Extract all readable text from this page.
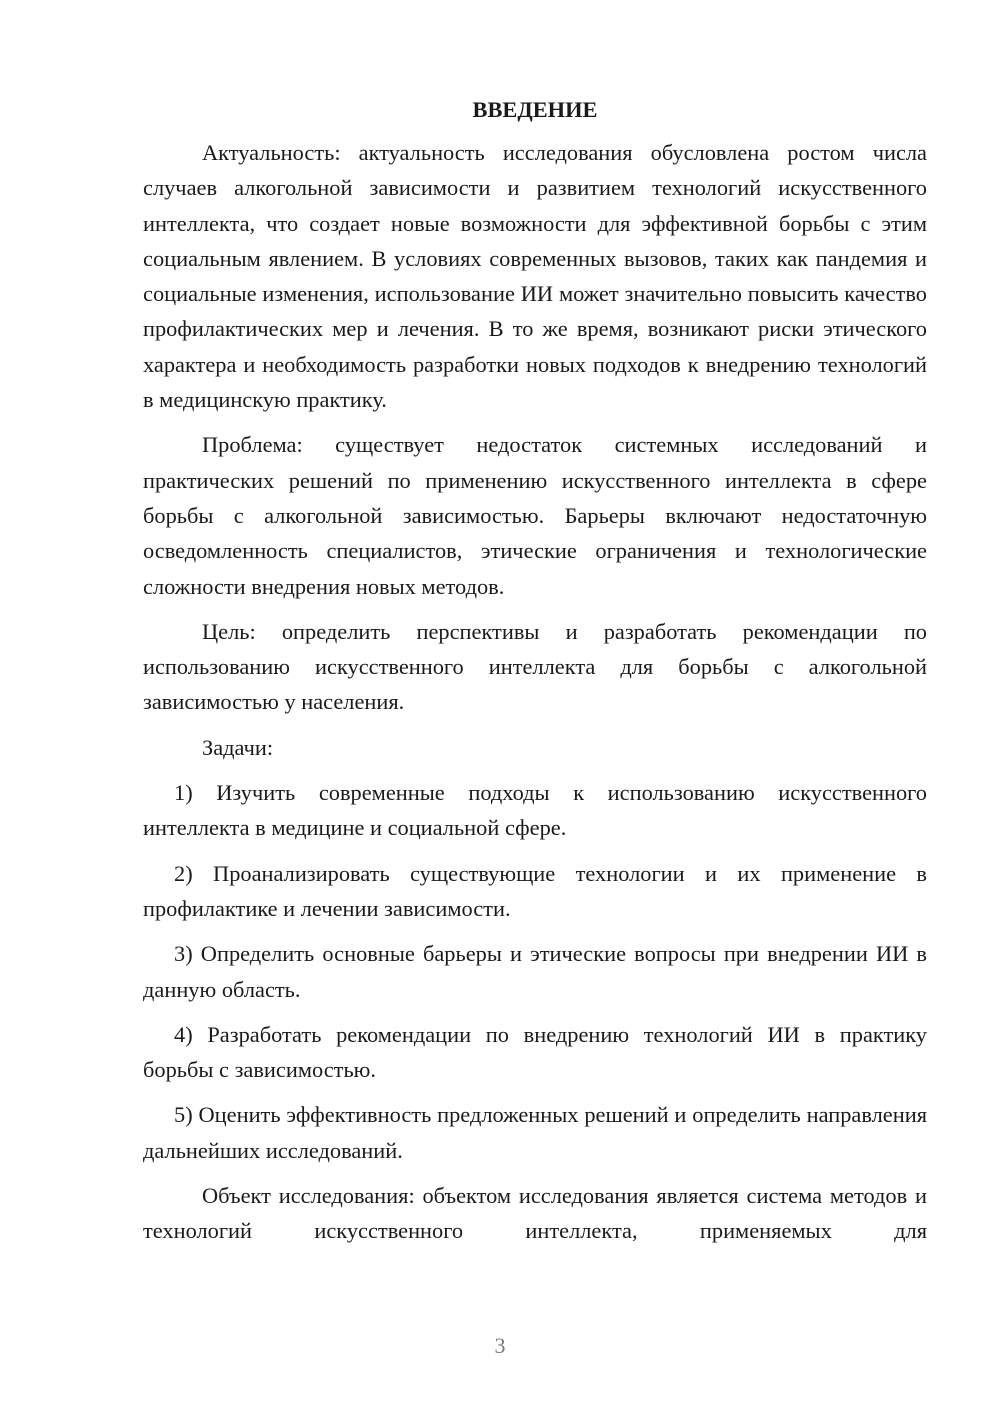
ВВЕДЕНИЕ

Актуальность: актуальность исследования обусловлена ростом числа случаев алкогольной зависимости и развитием технологий искусственного интеллекта, что создает новые возможности для эффективной борьбы с этим социальным явлением. В условиях современных вызовов, таких как пандемия и социальные изменения, использование ИИ может значительно повысить качество профилактических мер и лечения. В то же время, возникают риски этического характера и необходимость разработки новых подходов к внедрению технологий в медицинскую практику.

Проблема: существует недостаток системных исследований и практических решений по применению искусственного интеллекта в сфере борьбы с алкогольной зависимостью. Барьеры включают недостаточную осведомленность специалистов, этические ограничения и технологические сложности внедрения новых методов.

Цель: определить перспективы и разработать рекомендации по использованию искусственного интеллекта для борьбы с алкогольной зависимостью у населения.

Задачи:

1) Изучить современные подходы к использованию искусственного интеллекта в медицине и социальной сфере.

2) Проанализировать существующие технологии и их применение в профилактике и лечении зависимости.

3) Определить основные барьеры и этические вопросы при внедрении ИИ в данную область.

4) Разработать рекомендации по внедрению технологий ИИ в практику борьбы с зависимостью.

5) Оценить эффективность предложенных решений и определить направления дальнейших исследований.

Объект исследования: объектом исследования является система методов и технологий искусственного интеллекта, применяемых для

3
